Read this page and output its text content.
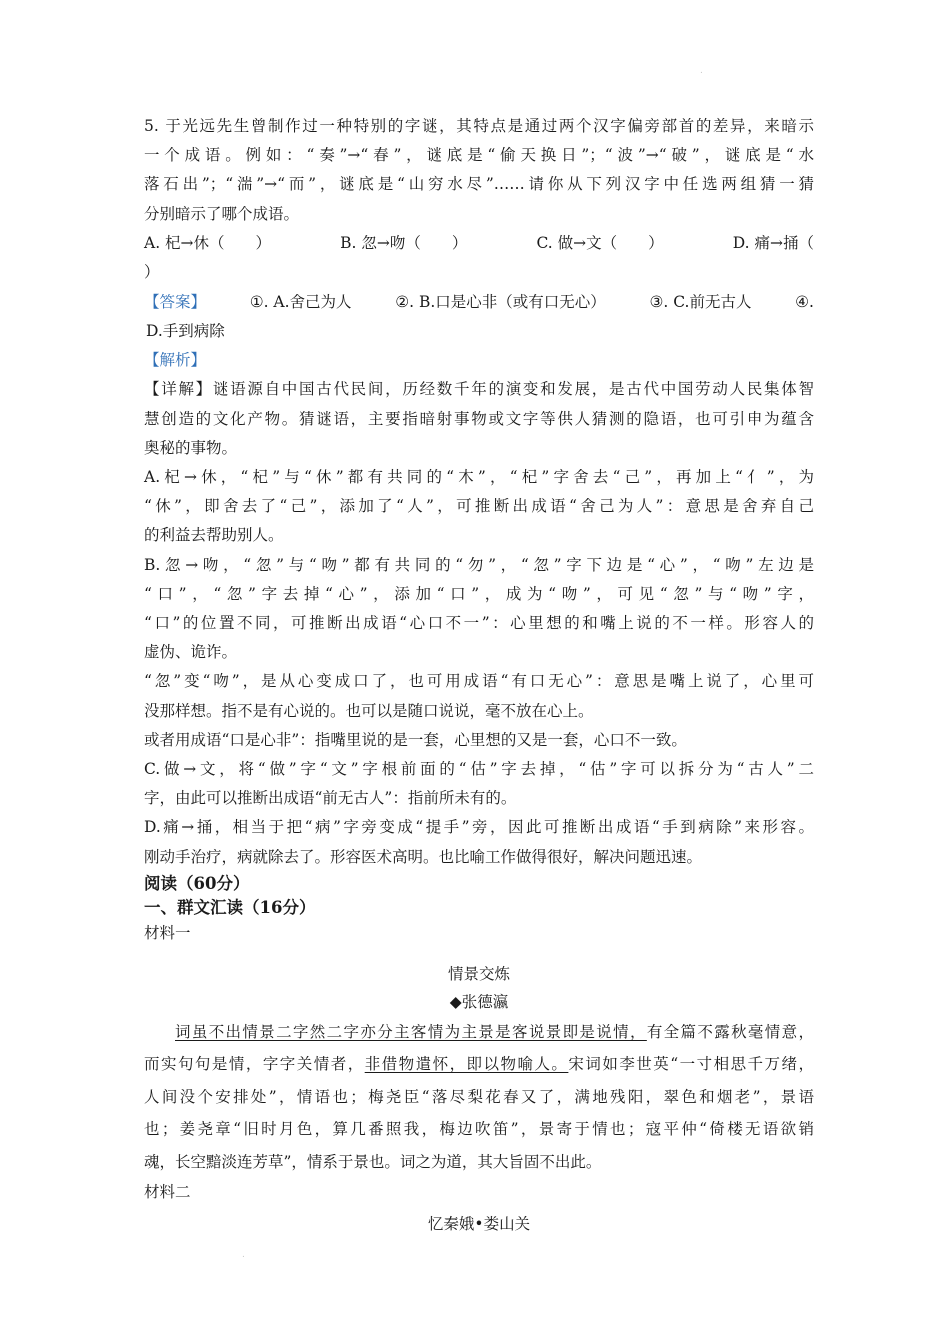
.
5. 于光远先生曾制作过一种特别的字谜，其特点是通过两个汉字偏旁部首的差异，来暗示
一个成语。例如：“奏”→“春”，谜底是“偷天换日”；“波”→“破”，谜底是“水
落石出”；“湍”→“而”，谜底是“山穷水尽”……请你从下列汉字中任选两组猜一猜
分别暗示了哪个成语。
A. 杞→休（　　）	B. 忽→吻（　　）	C. 做→文（　　）	D. 痛→捅（
）
【答案】	①. A.舍己为人	②. B.口是心非（或有口无心）	③. C.前无古人	④.
D.手到病除
【解析】
【详解】谜语源自中国古代民间，历经数千年的演变和发展，是古代中国劳动人民集体智
慧创造的文化产物。猜谜语，主要指暗射事物或文字等供人猜测的隐语，也可引申为蕴含
奥秘的事物。
A.杞→休，“杞”与“休”都有共同的“木”，“杞”字舍去“己”，再加上“亻”，为
“休”，即舍去了“己”，添加了“人”，可推断出成语“舍己为人”：意思是舍弃自己
的利益去帮助别人。
B.忽→吻，“忽”与“吻”都有共同的“勿”，“忽”字下边是“心”，“吻”左边是
“口”，“忽”字去掉“心”，添加“口”，成为“吻”，可见“忽”与“吻”字，
“口”的位置不同，可推断出成语“心口不一”：心里想的和嘴上说的不一样。形容人的
虚伪、诡诈。
“忽”变“吻”，是从心变成口了，也可用成语“有口无心”：意思是嘴上说了，心里可
没那样想。指不是有心说的。也可以是随口说说，毫不放在心上。
或者用成语“口是心非”：指嘴里说的是一套，心里想的又是一套，心口不一致。
C.做→文，将“做”字“文”字根前面的“估”字去掉，“估”字可以拆分为“古人”二
字，由此可以推断出成语“前无古人”：指前所未有的。
D.痛→捅，相当于把“病”字旁变成“提手”旁，因此可推断出成语“手到病除”来形容。
刚动手治疗，病就除去了。形容医术高明。也比喻工作做得很好，解决问题迅速。
阅读（60分）
一、群文汇读（16分）
材料一
情景交炼
◆张德瀛
词虽不出情景二字然二字亦分主客情为主景是客说景即是说情，有全篇不露秋毫情意，
而实句句是情，字字关情者，非借物遣怀，即以物喻人。宋词如李世英“一寸相思千万绪，
人间没个安排处”，情语也；梅尧臣“落尽梨花春又了，满地残阳，翠色和烟老”，景语
也；姜尧章“旧时月色，算几番照我，梅边吹笛”，景寄于情也；寇平仲“倚楼无语欲销
魂，长空黯淡连芳草”，情系于景也。词之为道，其大旨固不出此。
材料二
忆秦娥•娄山关
.
